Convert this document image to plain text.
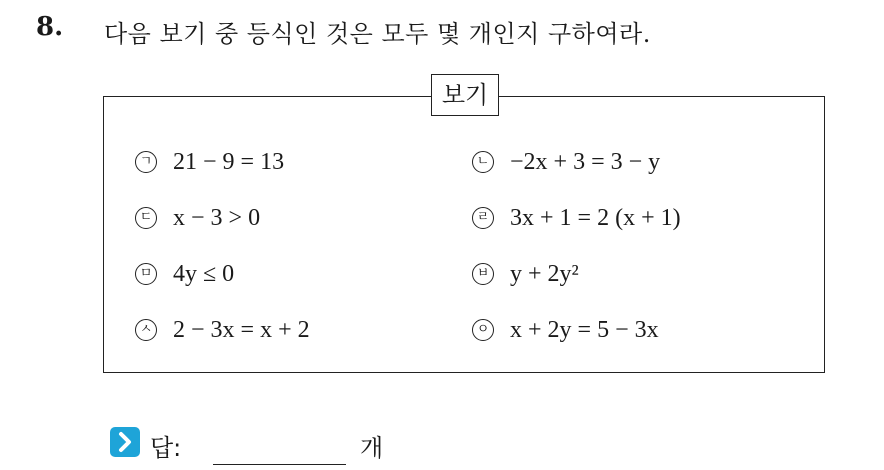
8. 다음 보기 중 등식인 것은 모두 몇 개인지 구하여라.
ㄱ 21 − 9 = 13	ㄴ −2x + 3 = 3 − y
ㄷ x − 3 > 0	ㄹ 3x + 1 = 2 (x + 1)
ㅁ 4y ≤ 0	ㅂ y + 2y²
ㅅ 2 − 3x = x + 2	ㅇ x + 2y = 5 − 3x
보기
답:	개
